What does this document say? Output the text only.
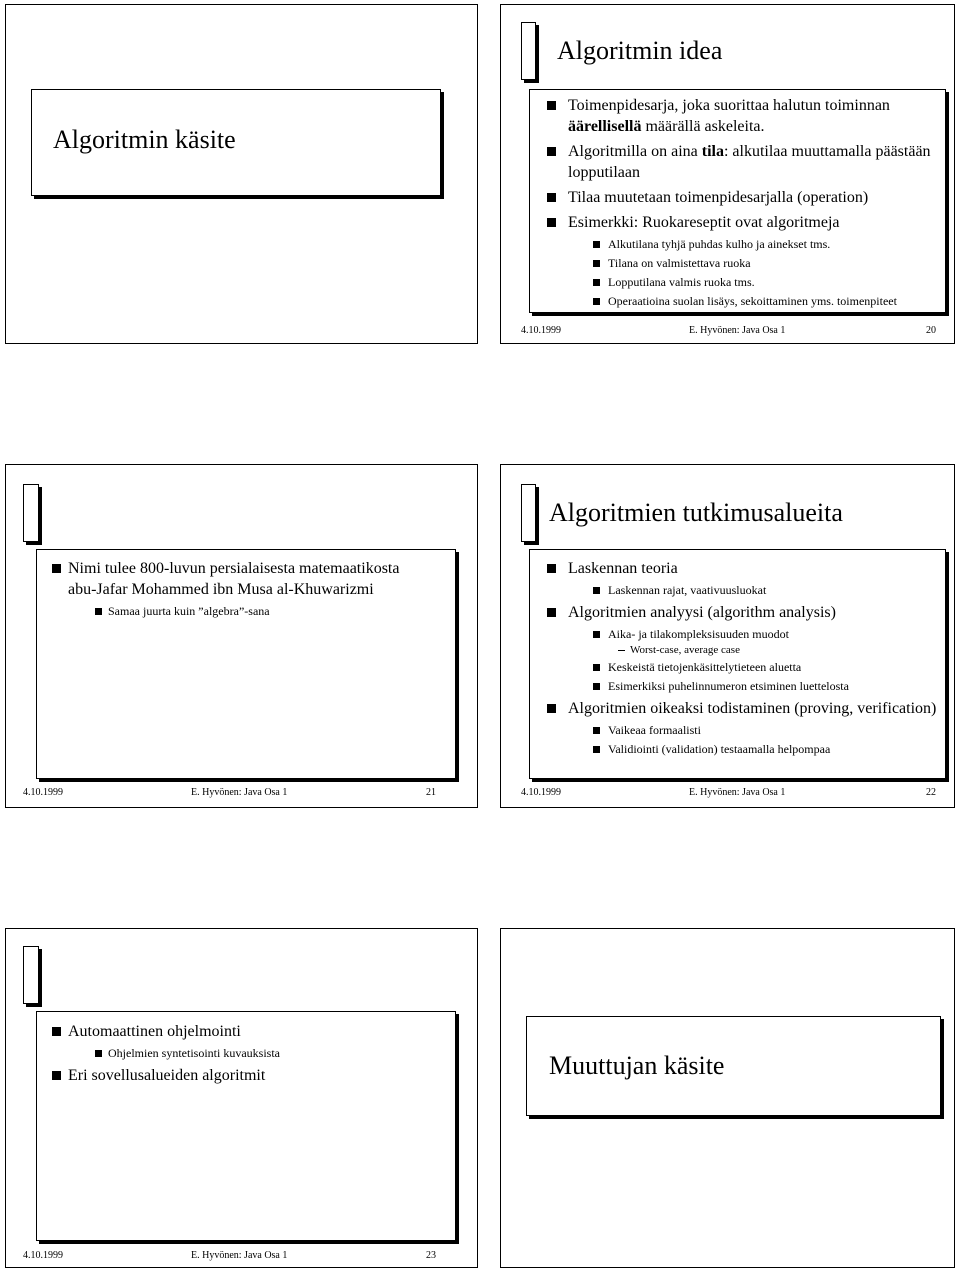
Algoritmin käsite
Algoritmin idea
Toimenpidesarja, joka suorittaa halutun toiminnan äärellisellä määrällä askeleita.
Algoritmilla on aina tila: alkutilaa muuttamalla päästään lopputilaan
Tilaa muutetaan toimenpidesarjalla (operation)
Esimerkki: Ruokareseptit ovat algoritmeja
Alkutilana tyhjä puhdas kulho ja ainekset tms.
Tilana on valmistettava ruoka
Lopputilana valmis ruoka tms.
Operaatioina suolan lisäys, sekoittaminen yms. toimenpiteet
4.10.1999	E. Hyvönen: Java Osa 1	20
Nimi tulee 800-luvun persialaisesta matemaatikosta abu-Jafar Mohammed ibn Musa al-Khuwarizmi
Samaa juurta kuin ”algebra”-sana
4.10.1999	E. Hyvönen: Java Osa 1	21
Algoritmien tutkimusalueita
Laskennan teoria
Laskennan rajat, vaativuusluokat
Algoritmien analyysi (algorithm analysis)
Aika- ja tilakompleksisuuden muodot
Worst-case, average case
Keskeistä tietojenkäsittelytieteen aluetta
Esimerkiksi puhelinnumeron etsiminen luettelosta
Algoritmien oikeaksi todistaminen (proving, verification)
Vaikeaa formaalisti
Validiointi (validation) testaamalla helpompaa
4.10.1999	E. Hyvönen: Java Osa 1	22
Automaattinen ohjelmointi
Ohjelmien syntetisointi kuvauksista
Eri sovellusalueiden algoritmit
4.10.1999	E. Hyvönen: Java Osa 1	23
Muuttujan käsite
